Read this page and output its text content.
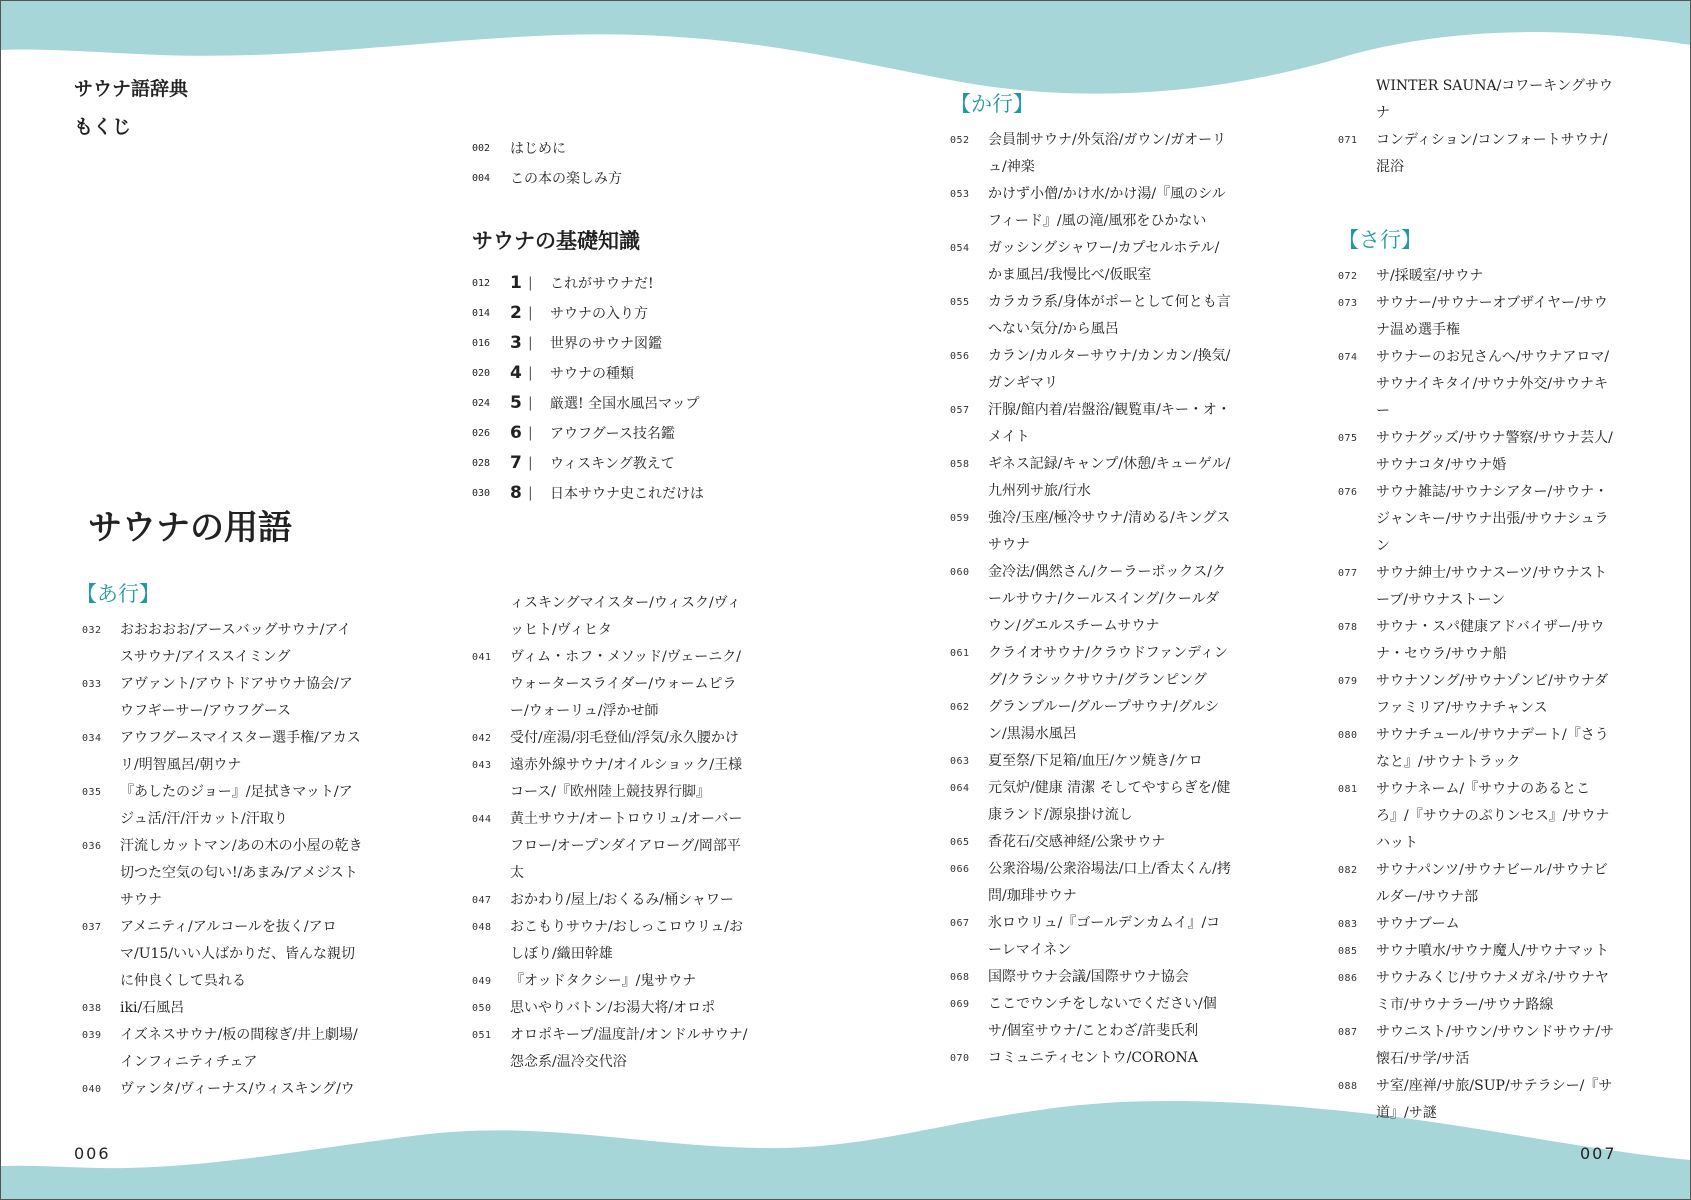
サウナ語辞典
もくじ
002	はじめに
004	この本の楽しみ方
サウナの基礎知識
012	1 |	これがサウナだ!
014	2 |	サウナの入り方
016	3 |	世界のサウナ図鑑
020	4 |	サウナの種類
024	5 |	厳選! 全国水風呂マップ
026	6 |	アウフグース技名鑑
028	7 |	ウィスキング教えて
030	8 |	日本サウナ史これだけは
サウナの用語
【あ行】
【か行】
【さ行】
032	おおおおお/アースバッグサウナ/アイスサウナ/アイススイミング
033	アヴァント/アウトドアサウナ協会/アウフギーサー/アウフグース
034	アウフグースマイスター選手権/アカスリ/明智風呂/朝ウナ
035	『あしたのジョー』/足拭きマット/アジュ活/汗/汗カット/汗取り
036	汗流しカットマン/あの木の小屋の乾き切つた空気の匂い!/あまみ/アメジストサウナ
037	アメニティ/アルコールを抜く/アロマ/U15/いい人ばかりだ、皆んな親切に仲良くして呉れる
038	iki/石風呂
039	イズネスサウナ/板の間稼ぎ/井上劇場/インフィニティチェア
040	ヴァンタ/ヴィーナス/ウィスキング/ウ
ィスキングマイスター/ウィスク/ヴィッヒト/ヴィヒタ
041	ヴィム・ホフ・メソッド/ヴェーニク/ウォータースライダー/ウォームピラー/ウォーリュ/浮かせ師
042	受付/産湯/羽毛登仙/浮気/永久腰かけ
043	遠赤外線サウナ/オイルショック/王様コース/『欧州陸上競技界行脚』
044	黄土サウナ/オートロウリュ/オーバーフロー/オープンダイアローグ/岡部平太
047	おかわり/屋上/おくるみ/桶シャワー
048	おこもりサウナ/おしっこロウリュ/おしぼり/織田幹雄
049	『オッドタクシー』/鬼サウナ
050	思いやりバトン/お湯大将/オロポ
051	オロポキープ/温度計/オンドルサウナ/怨念系/温冷交代浴
052	会員制サウナ/外気浴/ガウン/ガオーリュ/神楽
053	かけず小僧/かけ水/かけ湯/『風のシルフィード』/風の滝/風邪をひかない
054	ガッシングシャワー/カプセルホテル/かま風呂/我慢比べ/仮眠室
055	カラカラ系/身体がポーとして何とも言へない気分/から風呂
056	カラン/カルターサウナ/カンカン/換気/ガンギマリ
057	汗腺/館内着/岩盤浴/観覧車/キー・オ・メイト
058	ギネス記録/キャンプ/休憩/キューゲル/九州列サ旅/行水
059	強冷/玉座/極冷サウナ/清める/キングスサウナ
060	金冷法/偶然さん/クーラーボックス/クールサウナ/クールスイング/クールダウン/グエルスチームサウナ
061	クライオサウナ/クラウドファンディング/クラシックサウナ/グランピング
062	グランブルー/グループサウナ/グルシン/黒湯水風呂
063	夏至祭/下足箱/血圧/ケツ焼き/ケロ
064	元気炉/健康 清潔 そしてやすらぎを/健康ランド/源泉掛け流し
065	香花石/交感神経/公衆サウナ
066	公衆浴場/公衆浴場法/口上/香太くん/拷問/珈琲サウナ
067	氷ロウリュ/『ゴールデンカムイ』/コーレマイネン
068	国際サウナ会議/国際サウナ協会
069	ここでウンチをしないでください/個サ/個室サウナ/ことわざ/許斐氏利
070	コミュニティセントウ/CORONA
WINTER SAUNA/コワーキングサウナ
071	コンディション/コンフォートサウナ/混浴
072	サ/採暖室/サウナ
073	サウナー/サウナーオブザイヤー/サウナ温め選手権
074	サウナーのお兄さんへ/サウナアロマ/サウナイキタイ/サウナ外交/サウナキー
075	サウナグッズ/サウナ警察/サウナ芸人/サウナコタ/サウナ婚
076	サウナ雑誌/サウナシアター/サウナ・ジャンキー/サウナ出張/サウナシュラン
077	サウナ紳士/サウナスーツ/サウナストーブ/サウナストーン
078	サウナ・スパ健康アドバイザー/サウナ・セウラ/サウナ船
079	サウナソング/サウナゾンビ/サウナダファミリア/サウナチャンス
080	サウナチュール/サウナデート/『さうなと』/サウナトラック
081	サウナネーム/『サウナのあるところ』/『サウナのぷりンセス』/サウナハット
082	サウナパンツ/サウナビール/サウナビルダー/サウナ部
083	サウナブーム
085	サウナ噴水/サウナ魔人/サウナマット
086	サウナみくじ/サウナメガネ/サウナヤミ市/サウナラー/サウナ路線
087	サウニスト/サウン/サウンドサウナ/サ懐石/サ学/サ活
088	サ室/座禅/サ旅/SUP/サテラシー/『サ道』/サ謎
006	007
